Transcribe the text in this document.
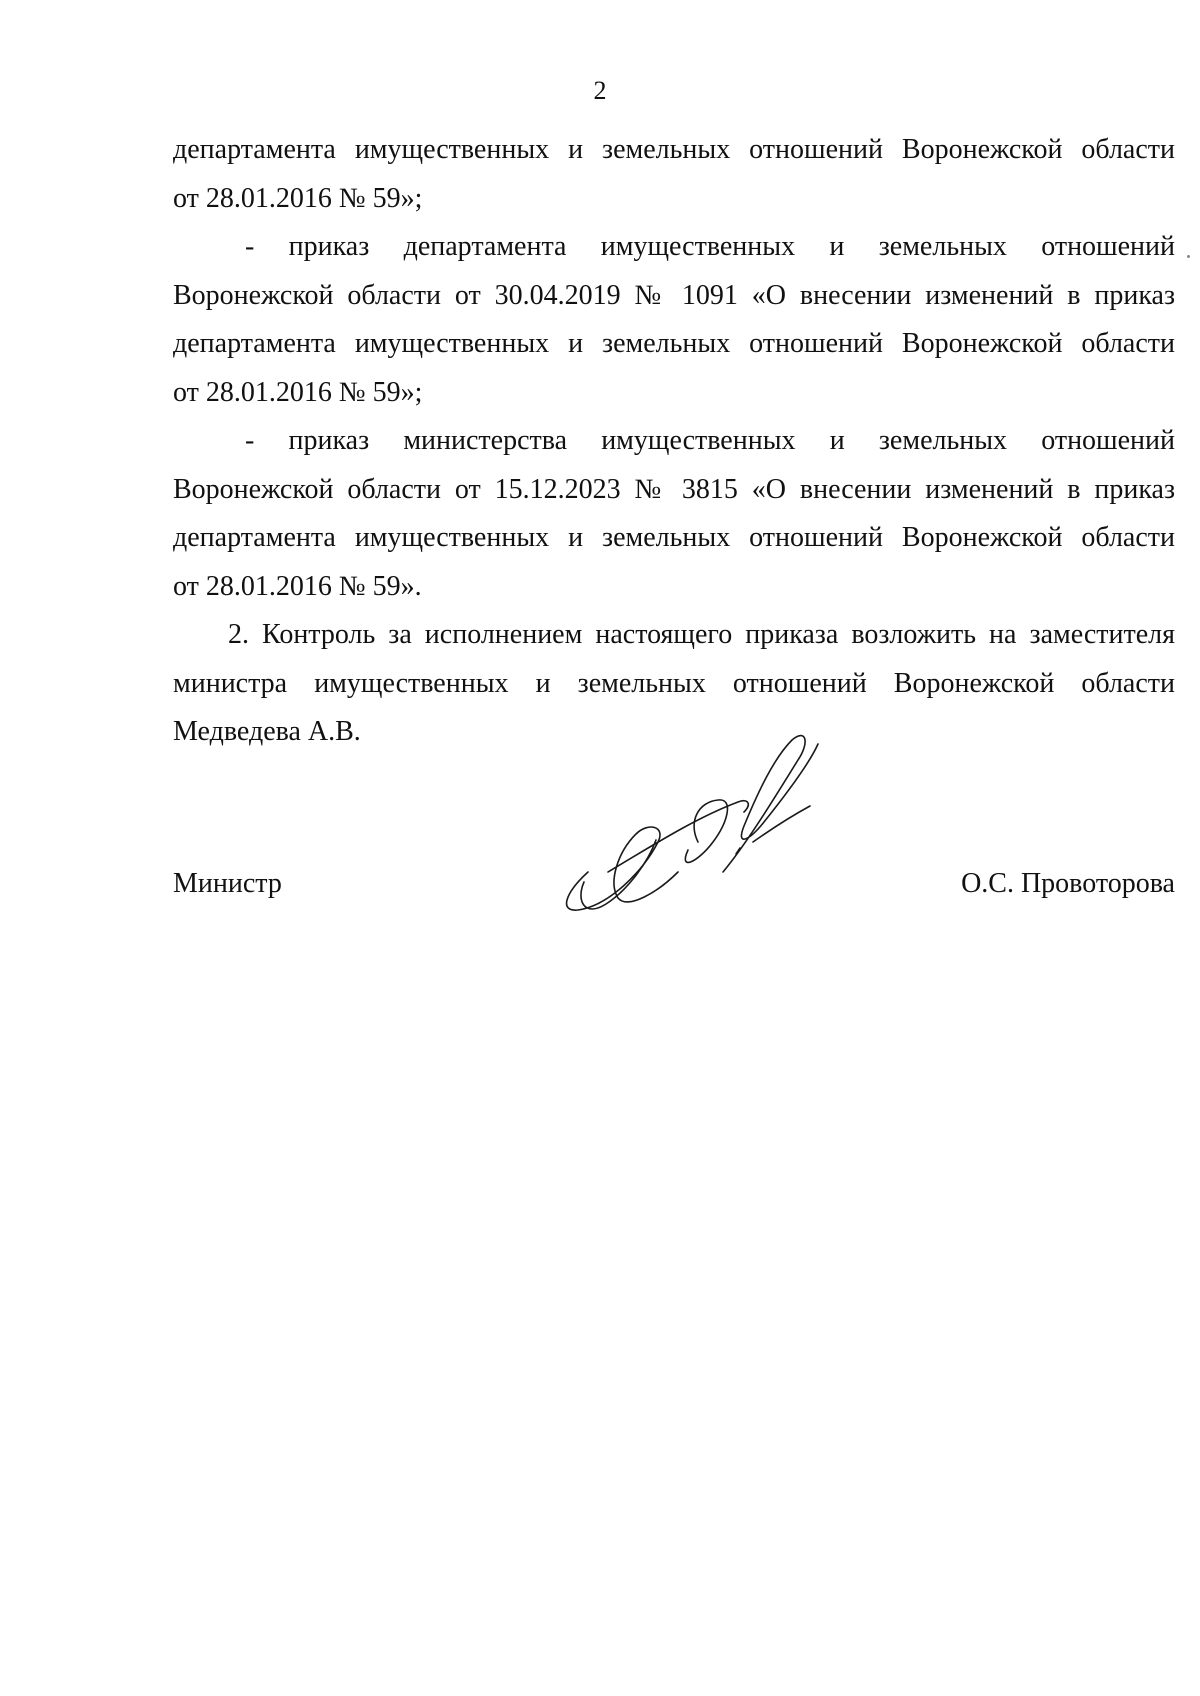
2
департамента имущественных и земельных отношений Воронежской области
от 28.01.2016 № 59»;
- приказ департамента имущественных и земельных отношений
Воронежской области от 30.04.2019 № 1091 «О внесении изменений в приказ
департамента имущественных и земельных отношений Воронежской области
от 28.01.2016 № 59»;
- приказ министерства имущественных и земельных отношений
Воронежской области от 15.12.2023 № 3815 «О внесении изменений в приказ
департамента имущественных и земельных отношений Воронежской области
от 28.01.2016 № 59».
2. Контроль за исполнением настоящего приказа возложить на заместителя
министра имущественных и земельных отношений Воронежской области
Медведева А.В.
Министр	О.С. Провоторова
